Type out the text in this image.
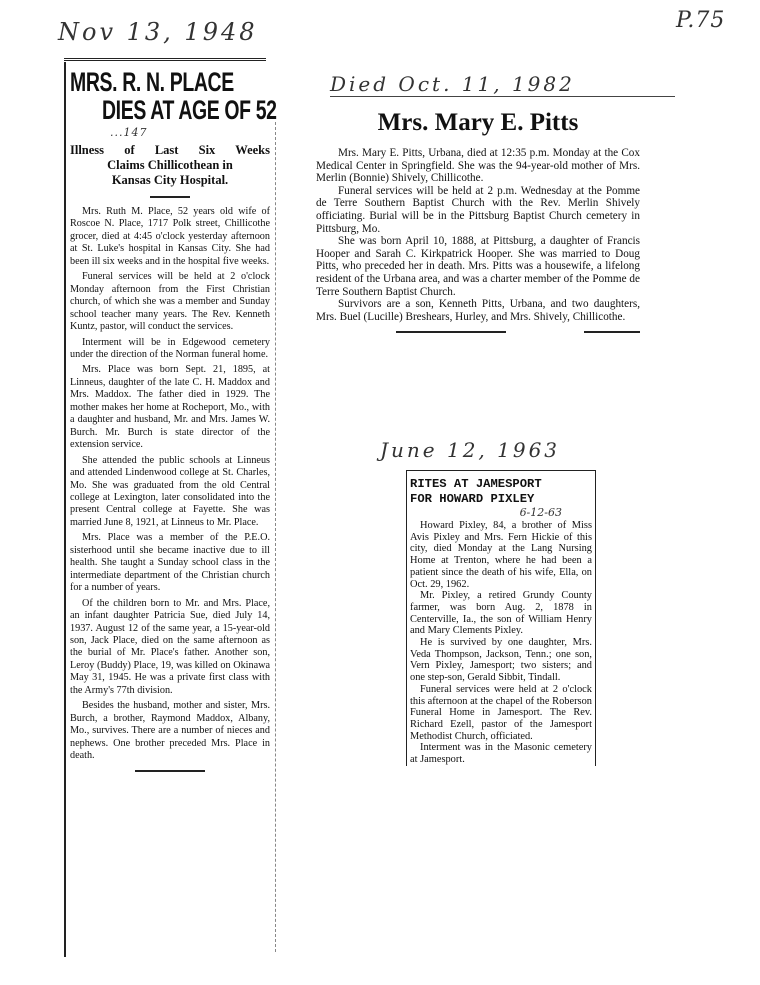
P.75
Nov 13, 1948
MRS. R. N. PLACE
DIES AT AGE OF 52
...147
Illness of Last Six Weeks
Claims Chillicothean in
Kansas City Hospital.

Mrs. Ruth M. Place, 52 years old wife of Roscoe N. Place, 1717 Polk street, Chillicothe grocer, died at 4:45 o'clock yesterday afternoon at St. Luke's hospital in Kansas City. She had been ill six weeks and in the hospital five weeks.

Funeral services will be held at 2 o'clock Monday afternoon from the First Christian church, of which she was a member and Sunday school teacher many years. The Rev. Kenneth Kuntz, pastor, will conduct the services.

Interment will be in Edgewood cemetery under the direction of the Norman funeral home.

Mrs. Place was born Sept. 21, 1895, at Linneus, daughter of the late C. H. Maddox and Mrs. Maddox. The father died in 1929. The mother makes her home at Rocheport, Mo., with a daughter and husband, Mr. and Mrs. James W. Burch. Mr. Burch is state director of the extension service.

She attended the public schools at Linneus and attended Lindenwood college at St. Charles, Mo. She was graduated from the old Central college at Lexington, later consolidated into the present Central college at Fayette. She was married June 8, 1921, at Linneus to Mr. Place.

Mrs. Place was a member of the P.E.O. sisterhood until she became inactive due to ill health. She taught a Sunday school class in the intermediate department of the Christian church for a number of years.

Of the children born to Mr. and Mrs. Place, an infant daughter Patricia Sue, died July 14, 1937. August 12 of the same year, a 15-year-old son, Jack Place, died on the same afternoon as the burial of Mr. Place's father. Another son, Leroy (Buddy) Place, 19, was killed on Okinawa May 31, 1945. He was a private first class with the Army's 77th division.

Besides the husband, mother and sister, Mrs. Burch, a brother, Raymond Maddox, Albany, Mo., survives. There are a number of nieces and nephews. One brother preceded Mrs. Place in death.

Died Oct. 11, 1982
Mrs. Mary E. Pitts

Mrs. Mary E. Pitts, Urbana, died at 12:35 p.m. Monday at the Cox Medical Center in Springfield. She was the 94-year-old mother of Mrs. Merlin (Bonnie) Shively, Chillicothe.

Funeral services will be held at 2 p.m. Wednesday at the Pomme de Terre Southern Baptist Church with the Rev. Merlin Shively officiating. Burial will be in the Pittsburg Baptist Church cemetery in Pittsburg, Mo.

She was born April 10, 1888, at Pittsburg, a daughter of Francis Hooper and Sarah C. Kirkpatrick Hooper. She was married to Doug Pitts, who preceded her in death. Mrs. Pitts was a housewife, a lifelong resident of the Urbana area, and was a charter member of the Pomme de Terre Southern Baptist Church.

Survivors are a son, Kenneth Pitts, Urbana, and two daughters, Mrs. Buel (Lucille) Breshears, Hurley, and Mrs. Shively, Chillicothe.

June 12, 1963
RITES AT JAMESPORT
FOR HOWARD PIXLEY
6-12-63

Howard Pixley, 84, a brother of Miss Avis Pixley and Mrs. Fern Hickie of this city, died Monday at the Lang Nursing Home at Trenton, where he had been a patient since the death of his wife, Ella, on Oct. 29, 1962.

Mr. Pixley, a retired Grundy County farmer, was born Aug. 2, 1878 in Centerville, Ia., the son of William Henry and Mary Clements Pixley.

He is survived by one daughter, Mrs. Veda Thompson, Jackson, Tenn.; one son, Vern Pixley, Jamesport; two sisters; and one step-son, Gerald Sibbit, Tindall.

Funeral services were held at 2 o'clock this afternoon at the chapel of the Roberson Funeral Home in Jamesport. The Rev. Richard Ezell, pastor of the Jamesport Methodist Church, officiated.

Interment was in the Masonic cemetery at Jamesport.
